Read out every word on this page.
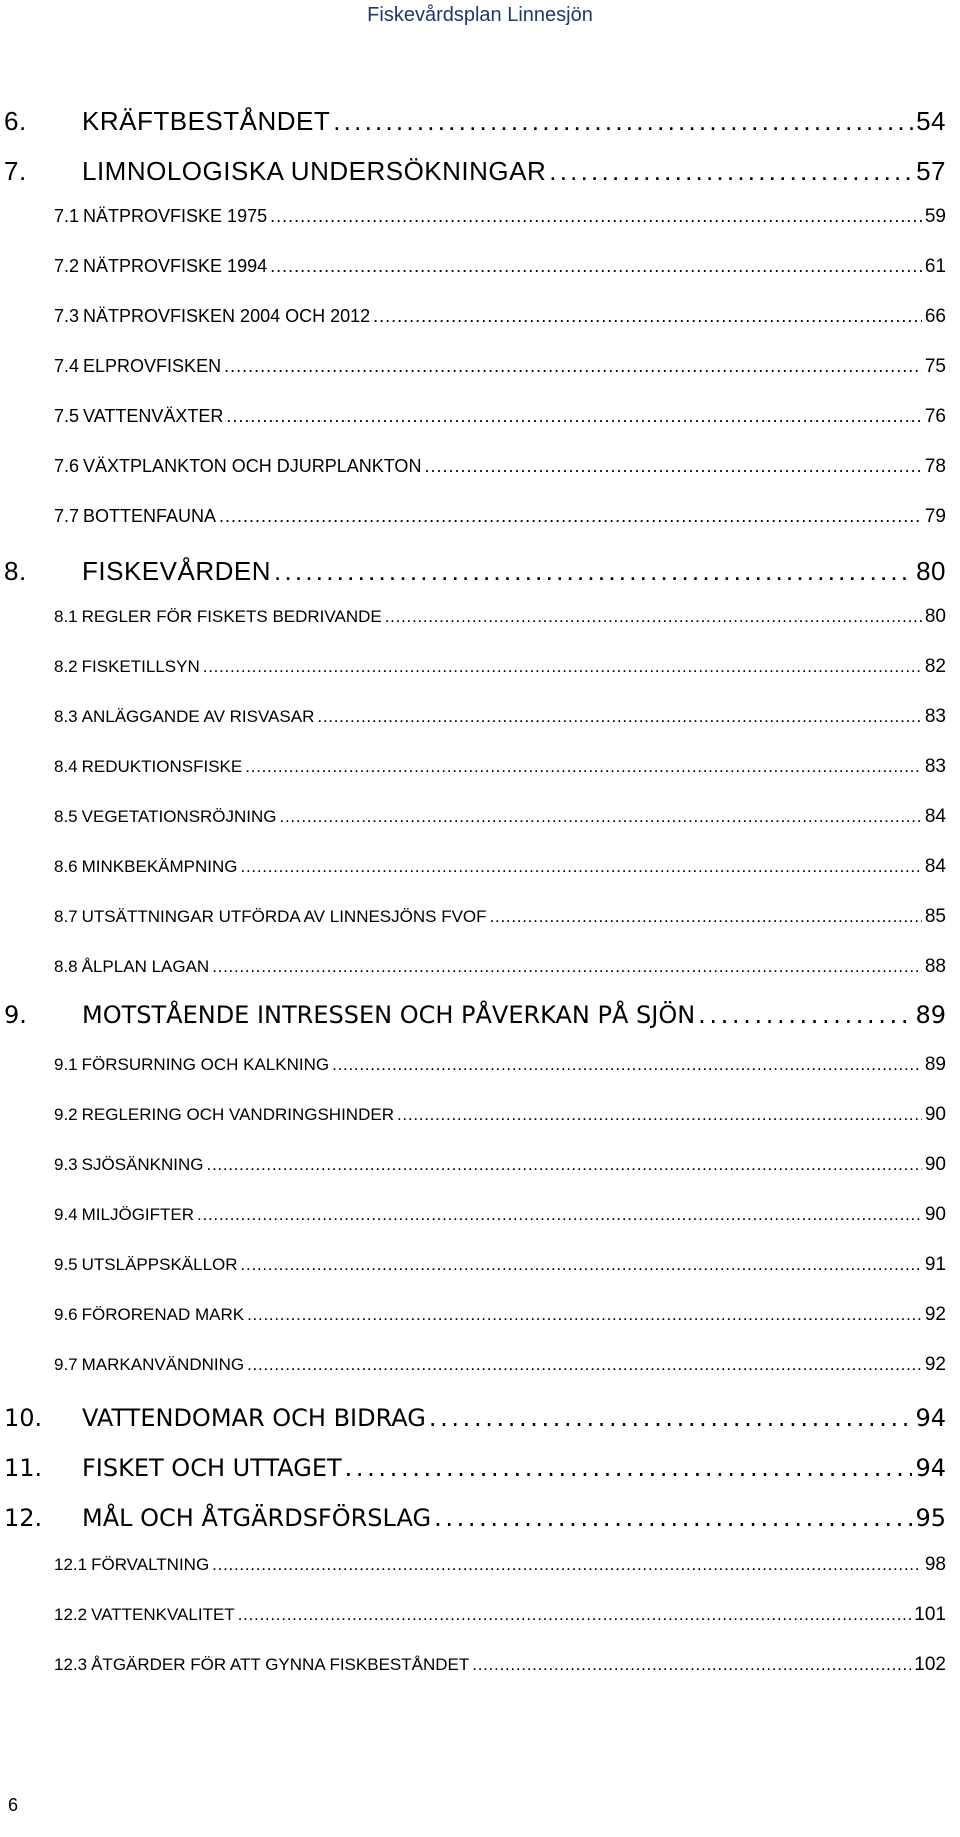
Fiskevårdsplan Linnesjön
6.	KRÄFTBESTÅNDET . . .	54
7.	LIMNOLOGISKA UNDERSÖKNINGAR . . .	57
7.1 NÄTPROVFISKE 1975 . . .	59
7.2 NÄTPROVFISKE 1994 . . .	61
7.3 NÄTPROVFISKEN 2004 OCH 2012 . . .	66
7.4 ELPROVFISKEN . . .	75
7.5 VATTENVÄXTER . . .	76
7.6 VÄXTPLANKTON OCH DJURPLANKTON . . .	78
7.7 BOTTENFAUNA . . .	79
8.	FISKEVÅRDEN . . .	80
8.1 REGLER FÖR FISKETS BEDRIVANDE . . .	80
8.2 FISKETILLSYN . . .	82
8.3 ANLÄGGANDE AV RISVASAR . . .	83
8.4 REDUKTIONSFISKE . . .	83
8.5 VEGETATIONSRÖJNING . . .	84
8.6 MINKBEKÄMPNING . . .	84
8.7 UTSÄTTNINGAR UTFÖRDA AV LINNESJÖNS FVOF . . .	85
8.8 ÅLPLAN LAGAN . . .	88
9.	MOTSTÅENDE INTRESSEN OCH PÅVERKAN PÅ SJÖN . . .	89
9.1 FÖRSURNING OCH KALKNING . . .	89
9.2 REGLERING OCH VANDRINGSHINDER . . .	90
9.3 SJÖSÄNKNING . . .	90
9.4 MILJÖGIFTER . . .	90
9.5 UTSLÄPPSKÄLLOR . . .	91
9.6 FÖRORENAD MARK . . .	92
9.7 MARKANVÄNDNING . . .	92
10.	VATTENDOMAR OCH BIDRAG . . .	94
11.	FISKET OCH UTTAGET . . .	94
12.	MÅL OCH ÅTGÄRDSFÖRSLAG . . .	95
12.1 FÖRVALTNING . . .	98
12.2 VATTENKVALITET . . .	101
12.3 ÅTGÄRDER FÖR ATT GYNNA FISKBESTÅNDET . . .	102
6
